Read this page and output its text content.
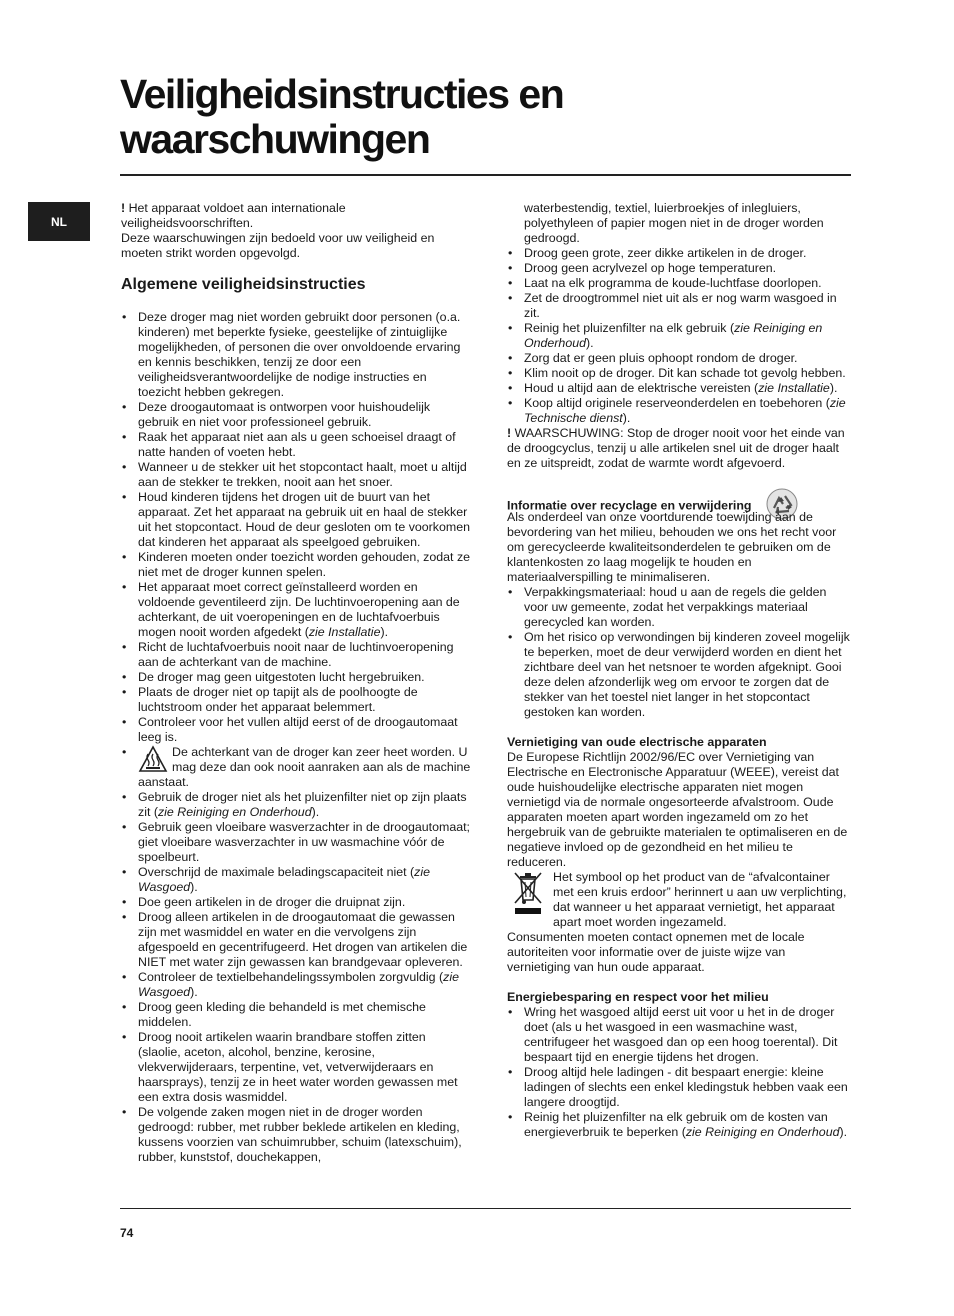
Veiligheidsinstructies en waarschuwingen
NL

! Het apparaat voldoet aan internationale veiligheidsvoorschriften.

Deze waarschuwingen zijn bedoeld voor uw veiligheid en moeten strikt worden opgevolgd.

Algemene veiligheidsinstructies
• Deze droger mag niet worden gebruikt door personen (o.a. kinderen) met beperkte fysieke, geestelijke of zintuiglijke mogelijkheden, of personen die over onvoldoende ervaring en kennis beschikken, tenzij ze door een veiligheidsverantwoordelijke de nodige instructies en toezicht hebben gekregen.
• Deze droogautomaat is ontworpen voor huishoudelijk gebruik en niet voor professioneel gebruik.
• Raak het apparaat niet aan als u geen schoeisel draagt of natte handen of voeten hebt.
• Wanneer u de stekker uit het stopcontact haalt, moet u altijd aan de stekker te trekken, nooit aan het snoer.
• Houd kinderen tijdens het drogen uit de buurt van het apparaat. Zet het apparaat na gebruik uit en haal de stekker uit het stopcontact. Houd de deur gesloten om te voorkomen dat kinderen het apparaat als speelgoed gebruiken.
• Kinderen moeten onder toezicht worden gehouden, zodat ze niet met de droger kunnen spelen.
• Het apparaat moet correct geïnstalleerd worden en voldoende geventileerd zijn. De luchtinvoeropening aan de achterkant, de uit voeropeningen en de luchtafvoerbuis mogen nooit worden afgedekt (zie Installatie).
• Richt de luchtafvoerbuis nooit naar de luchtinvoeropening aan de achterkant van de machine.
• De droger mag geen uitgestoten lucht hergebruiken.
• Plaats de droger niet op tapijt als de poolhoogte de luchtstroom onder het apparaat belemmert.
• Controleer voor het vullen altijd eerst of de droogautomaat leeg is.
• De achterkant van de droger kan zeer heet worden. U mag deze dan ook nooit aanraken aan als de machine aanstaat.
• Gebruik de droger niet als het pluizenfilter niet op zijn plaats zit (zie Reiniging en Onderhoud).
• Gebruik geen vloeibare wasverzachter in de droogautomaat; giet vloeibare wasverzachter in uw wasmachine vóór de spoelbeurt.
• Overschrijd de maximale beladingscapaciteit niet (zie Wasgoed).
• Doe geen artikelen in de droger die druipnat zijn.
• Droog alleen artikelen in de droogautomaat die gewassen zijn met wasmiddel en water en die vervolgens zijn afgespoeld en gecentrifugeerd. Het drogen van artikelen die NIET met water zijn gewassen kan brandgevaar opleveren.
• Controleer de textielbehandelingssymbolen zorgvuldig (zie Wasgoed).
• Droog geen kleding die behandeld is met chemische middelen.
• Droog nooit artikelen waarin brandbare stoffen zitten (slaolie, aceton, alcohol, benzine, kerosine, vlekverwijderaars, terpentine, vet, vetverwijderaars en haarsprays), tenzij ze in heet water worden gewassen met een extra dosis wasmiddel.
• De volgende zaken mogen niet in de droger worden gedroogd: rubber, met rubber beklede artikelen en kleding, kussens voorzien van schuimrubber, schuim (latexschuim), rubber, kunststof, douchekappen,

waterbestendig, textiel, luierbroekjes of inlegluiers, polyethyleen of papier mogen niet in de droger worden gedroogd.

• Droog geen grote, zeer dikke artikelen in de droger.
• Droog geen acrylvezel op hoge temperaturen.
• Laat na elk programma de koude-luchtfase doorlopen.
• Zet de droogtrommel niet uit als er nog warm wasgoed in zit.
• Reinig het pluizenfilter na elk gebruik (zie Reiniging en Onderhoud).
• Zorg dat er geen pluis ophoopt rondom de droger.
• Klim nooit op de droger. Dit kan schade tot gevolg hebben.
• Houd u altijd aan de elektrische vereisten (zie Installatie).
• Koop altijd originele reserveonderdelen en toebehoren (zie Technische dienst).

! WAARSCHUWING: Stop de droger nooit voor het einde van de droogcyclus, tenzij u alle artikelen snel uit de droger haalt en ze uitspreidt, zodat de warmte wordt afgevoerd.

Informatie over recyclage en verwijdering

Als onderdeel van onze voortdurende toewijding aan de bevordering van het milieu, behouden we ons het recht voor om gerecycleerde kwaliteitsonderdelen te gebruiken om de klantenkosten zo laag mogelijk te houden en materiaalverspilling te minimaliseren.

• Verpakkingsmateriaal: houd u aan de regels die gelden voor uw gemeente, zodat het verpakkings materiaal gerecycled kan worden.
• Om het risico op verwondingen bij kinderen zoveel mogelijk te beperken, moet de deur verwijderd worden en dient het zichtbare deel van het netsnoer te worden afgeknipt. Gooi deze delen afzonderlijk weg om ervoor te zorgen dat de stekker van het toestel niet langer in het stopcontact gestoken kan worden.
Vernietiging van oude electrische apparaten

De Europese Richtlijn 2002/96/EC over Vernietiging van Electrische en Electronische Apparatuur (WEEE), vereist dat oude huishoudelijke electrische apparaten niet mogen vernietigd via de normale ongesorteerde afvalstroom. Oude apparaten moeten apart worden ingezameld om zo het hergebruik van de gebruikte materialen te optimaliseren en de negatieve invloed op de gezondheid en het milieu te reduceren.

Het symbool op het product van de “afvalcontainer met een kruis erdoor” herinnert u aan uw verplichting, dat wanneer u het apparaat vernietigt, het apparaat apart moet worden ingezameld.

Consumenten moeten contact opnemen met de locale autoriteiten voor informatie over de juiste wijze van vernietiging van hun oude apparaat.

Energiebesparing en respect voor het milieu
• Wring het wasgoed altijd eerst uit voor u het in de droger doet (als u het wasgoed in een wasmachine wast, centrifugeer het wasgoed dan op een hoog toerental). Dit bespaart tijd en energie tijdens het drogen.
• Droog altijd hele ladingen - dit bespaart energie: kleine ladingen of slechts een enkel kledingstuk hebben vaak een langere droogtijd.
• Reinig het pluizenfilter na elk gebruik om de kosten van energieverbruik te beperken (zie Reiniging en Onderhoud).
74
